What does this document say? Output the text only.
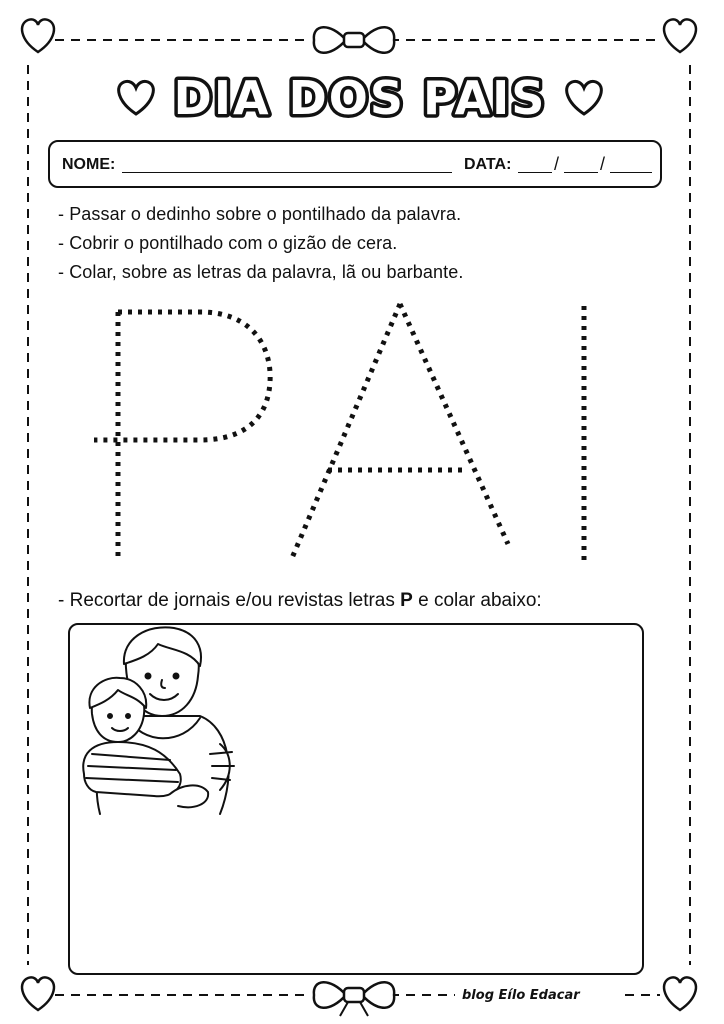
DIA DOS PAIS
NOME:	DATA: / /
- Passar o dedinho sobre o pontilhado da palavra.
- Cobrir o pontilhado com o gizão de cera.
- Colar, sobre as letras da palavra, lã ou barbante.
- Recortar de jornais e/ou revistas letras P e colar abaixo:
blog Eílo Edacar
